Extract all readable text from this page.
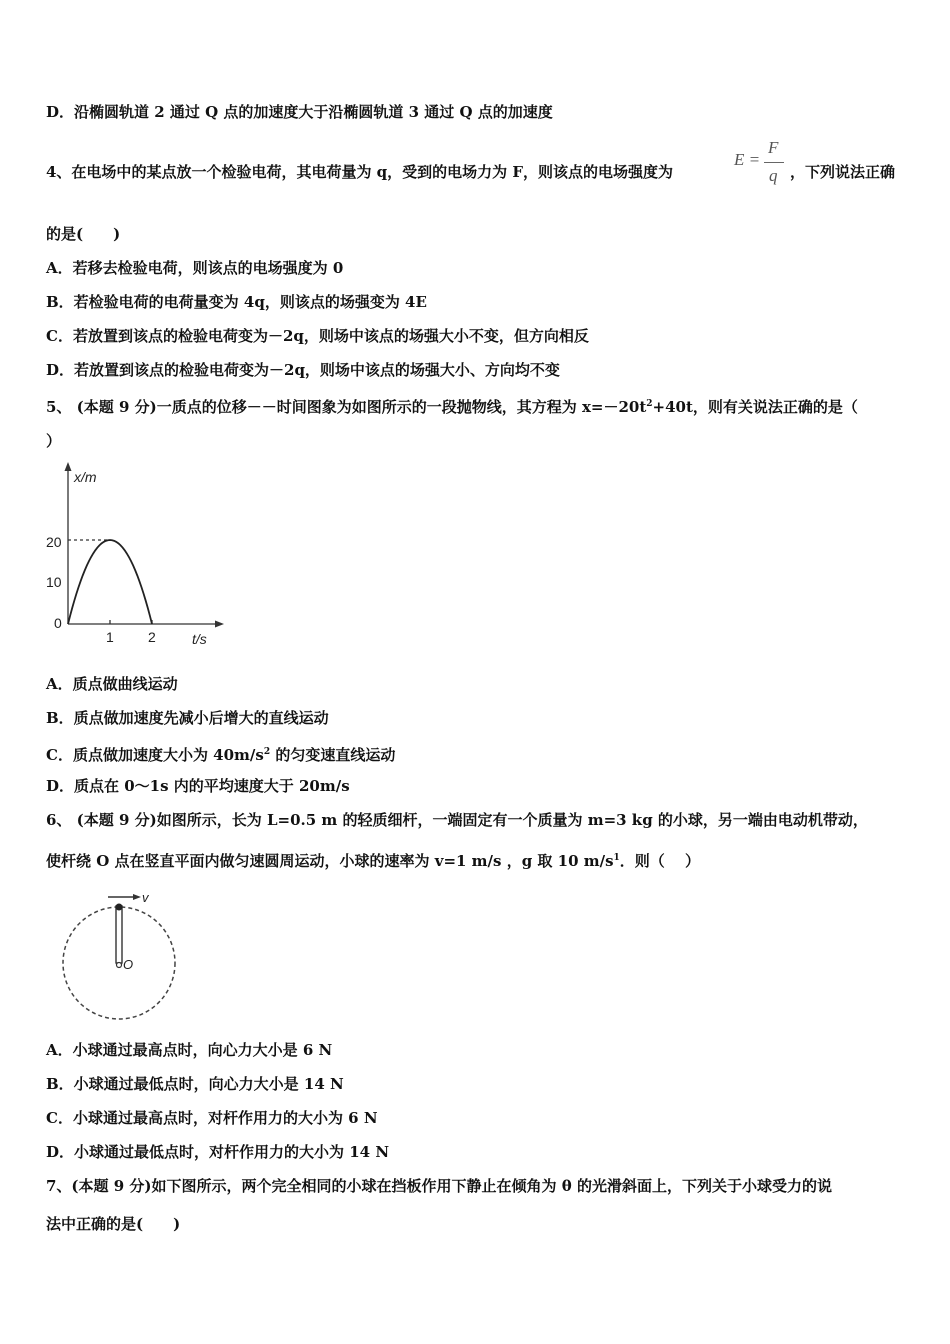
D．沿椭圆轨道 2 通过 Q 点的加速度大于沿椭圆轨道 3 通过 Q 点的加速度
4、在电场中的某点放一个检验电荷，其电荷量为 q，受到的电场力为 F，则该点的电场强度为
E =
F
q ，下列说法正确
的是(　　)
A．若移去检验电荷，则该点的电场强度为 0
B．若检验电荷的电荷量变为 4q，则该点的场强变为 4E
C．若放置到该点的检验电荷变为－2q，则场中该点的场强大小不变，但方向相反
D．若放置到该点的检验电荷变为－2q，则场中该点的场强大小、方向均不变
5、 (本题 9 分)一质点的位移－－时间图象为如图所示的一段抛物线，其方程为 $x=-20t^2+40t$，则有关说法正确的是（
）
x/m
t/s
20
10
0
1 2
A．质点做曲线运动
B．质点做加速度先减小后增大的直线运动
C．质点做加速度大小为 $40m/s^2$ 的匀变速直线运动
D．质点在 0～1s 内的平均速度大于 20m/s
6、 (本题 9 分)如图所示，长为 L=0.5 m 的轻质细杆，一端固定有一个质量为 m=3 kg 的小球，另一端由电动机带动，
使杆绕 O 点在竖直平面内做匀速圆周运动，小球的速率为 v=1 m/s ，g 取 10 $m/s^1$．则（　 ）
v
O
A．小球通过最高点时，向心力大小是 6 N
B．小球通过最低点时，向心力大小是 14 N
C．小球通过最高点时，对杆作用力的大小为 6 N
D．小球通过最低点时，对杆作用力的大小为 14 N
7、(本题 9 分)如下图所示，两个完全相同的小球在挡板作用下静止在倾角为 θ 的光滑斜面上，下列关于小球受力的说
法中正确的是(　　)
